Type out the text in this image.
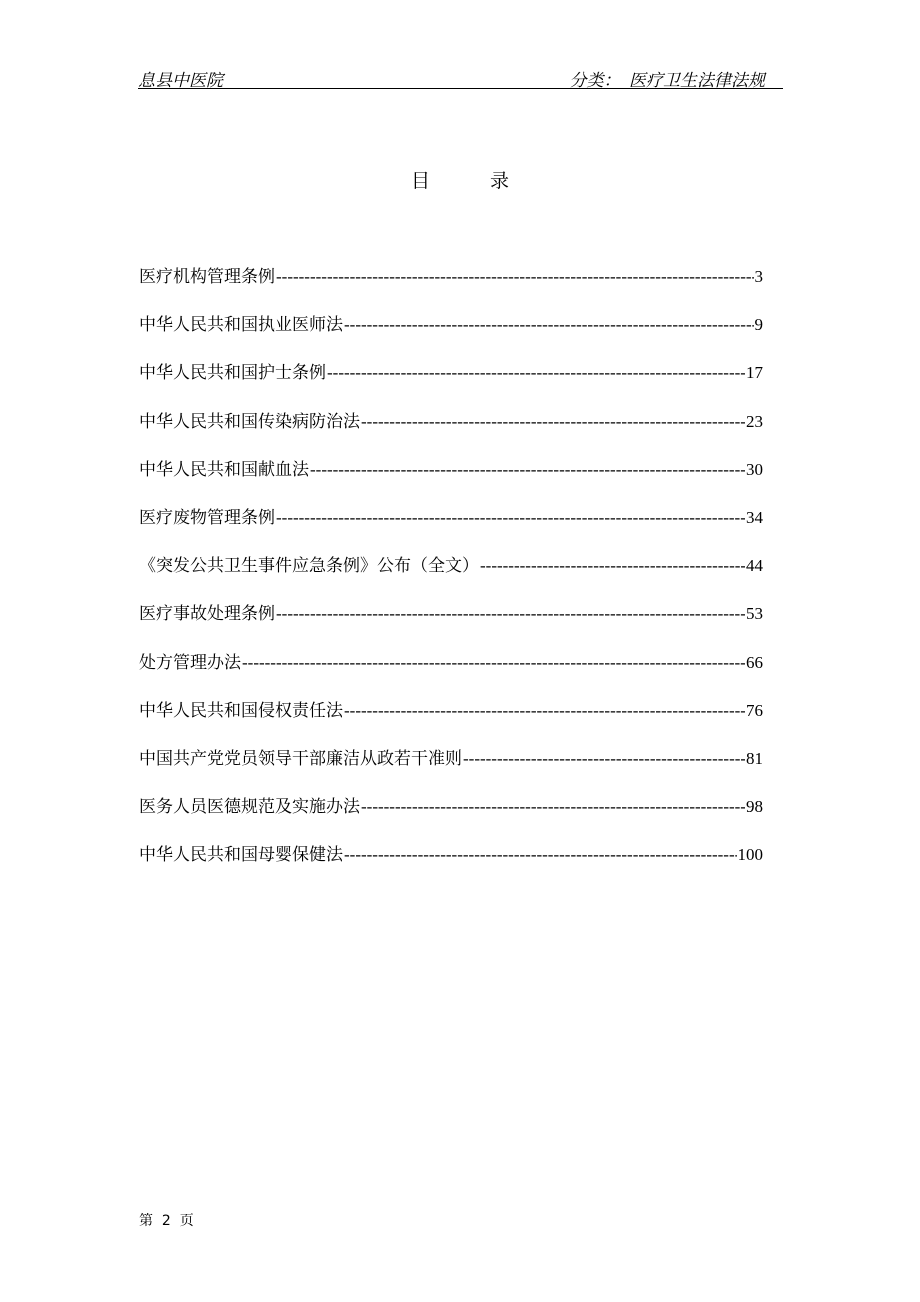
息县中医院	分类：　医疗卫生法律法规
目录
医疗机构管理条例 -----	3
中华人民共和国执业医师法 -----	9
中华人民共和国护士条例 -----	17
中华人民共和国传染病防治法 -----	23
中华人民共和国献血法 -----	30
医疗废物管理条例 -----	34
《突发公共卫生事件应急条例》公布（全文） -----	44
医疗事故处理条例 -----	53
处方管理办法 -----	66
中华人民共和国侵权责任法 -----	76
中国共产党党员领导干部廉洁从政若干准则 -----	81
医务人员医德规范及实施办法 -----	98
中华人民共和国母婴保健法 -----	100
第  2  页
